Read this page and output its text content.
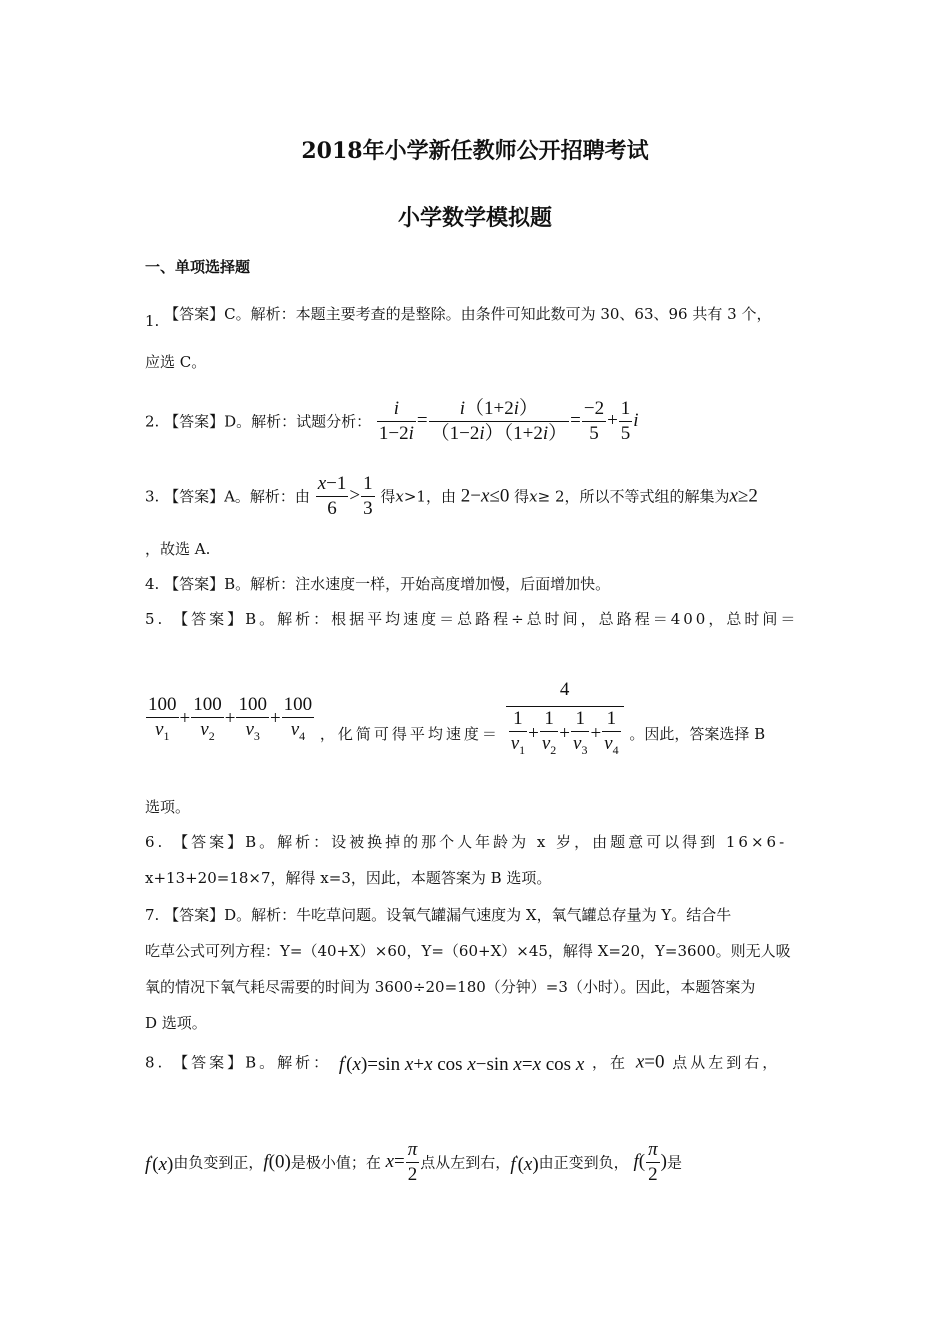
2018年小学新任教师公开招聘考试
小学数学模拟题
一、单项选择题
1. 【答案】C。解析：本题主要考查的是整除。由条件可知此数可为 30、63、96 共有 3 个，
应选 C。
2. 【答案】D。解析：试题分析： $\frac{i}{1-2i} = \frac{i(1+2i)}{(1-2i)(1+2i)} = \frac{-2}{5} + \frac{1}{5}$ i
3. 【答案】A。解析：由 $\frac{x-1}{6} > \frac{1}{3}$ 得x>1，由 2−x≤0 得x≥ 2，所以不等式组的解集为x≥2
，故选 A.
4. 【答案】B。解析：注水速度一样，开始高度增加慢，后面增加快。
5. 【答案】B。解析：根据平均速度＝总路程÷总时间，总路程＝400，总时间＝
$\frac{100}{v_1} + \frac{100}{v_2} + \frac{100}{v_3} + \frac{100}{v_4}$ ，化简可得平均速度＝ $\frac{4}{\frac{1}{v_1} + \frac{1}{v_2} + \frac{1}{v_3} + \frac{1}{v_4}}$ 。因此，答案选择 B
选项。
6. 【答案】B。解析：设被换掉的那个人年龄为 x 岁，由题意可以得到 16×6-
x+13+20=18×7，解得 x=3，因此，本题答案为 B 选项。
7. 【答案】D。解析：牛吃草问题。设氧气罐漏气速度为 X，氧气罐总存量为 Y。结合牛
吃草公式可列方程：Y=（40+X）×60，Y=（60+X）×45，解得 X=20，Y=3600。则无人吸
氧的情况下氧气耗尽需要的时间为 3600÷20=180（分钟）=3（小时）。因此，本题答案为
D 选项。
8. 【答案】B。解析： f'(x)=sin x+x cos x−sin x=x cos x ，在 x=0 点从左到右，
f'(x)由负变到正，f(0)是极小值；在 $x= \frac{\pi}{2}$ 点从左到右，f'(x)由正变到负， $f( \frac{\pi}{2}$ )是
